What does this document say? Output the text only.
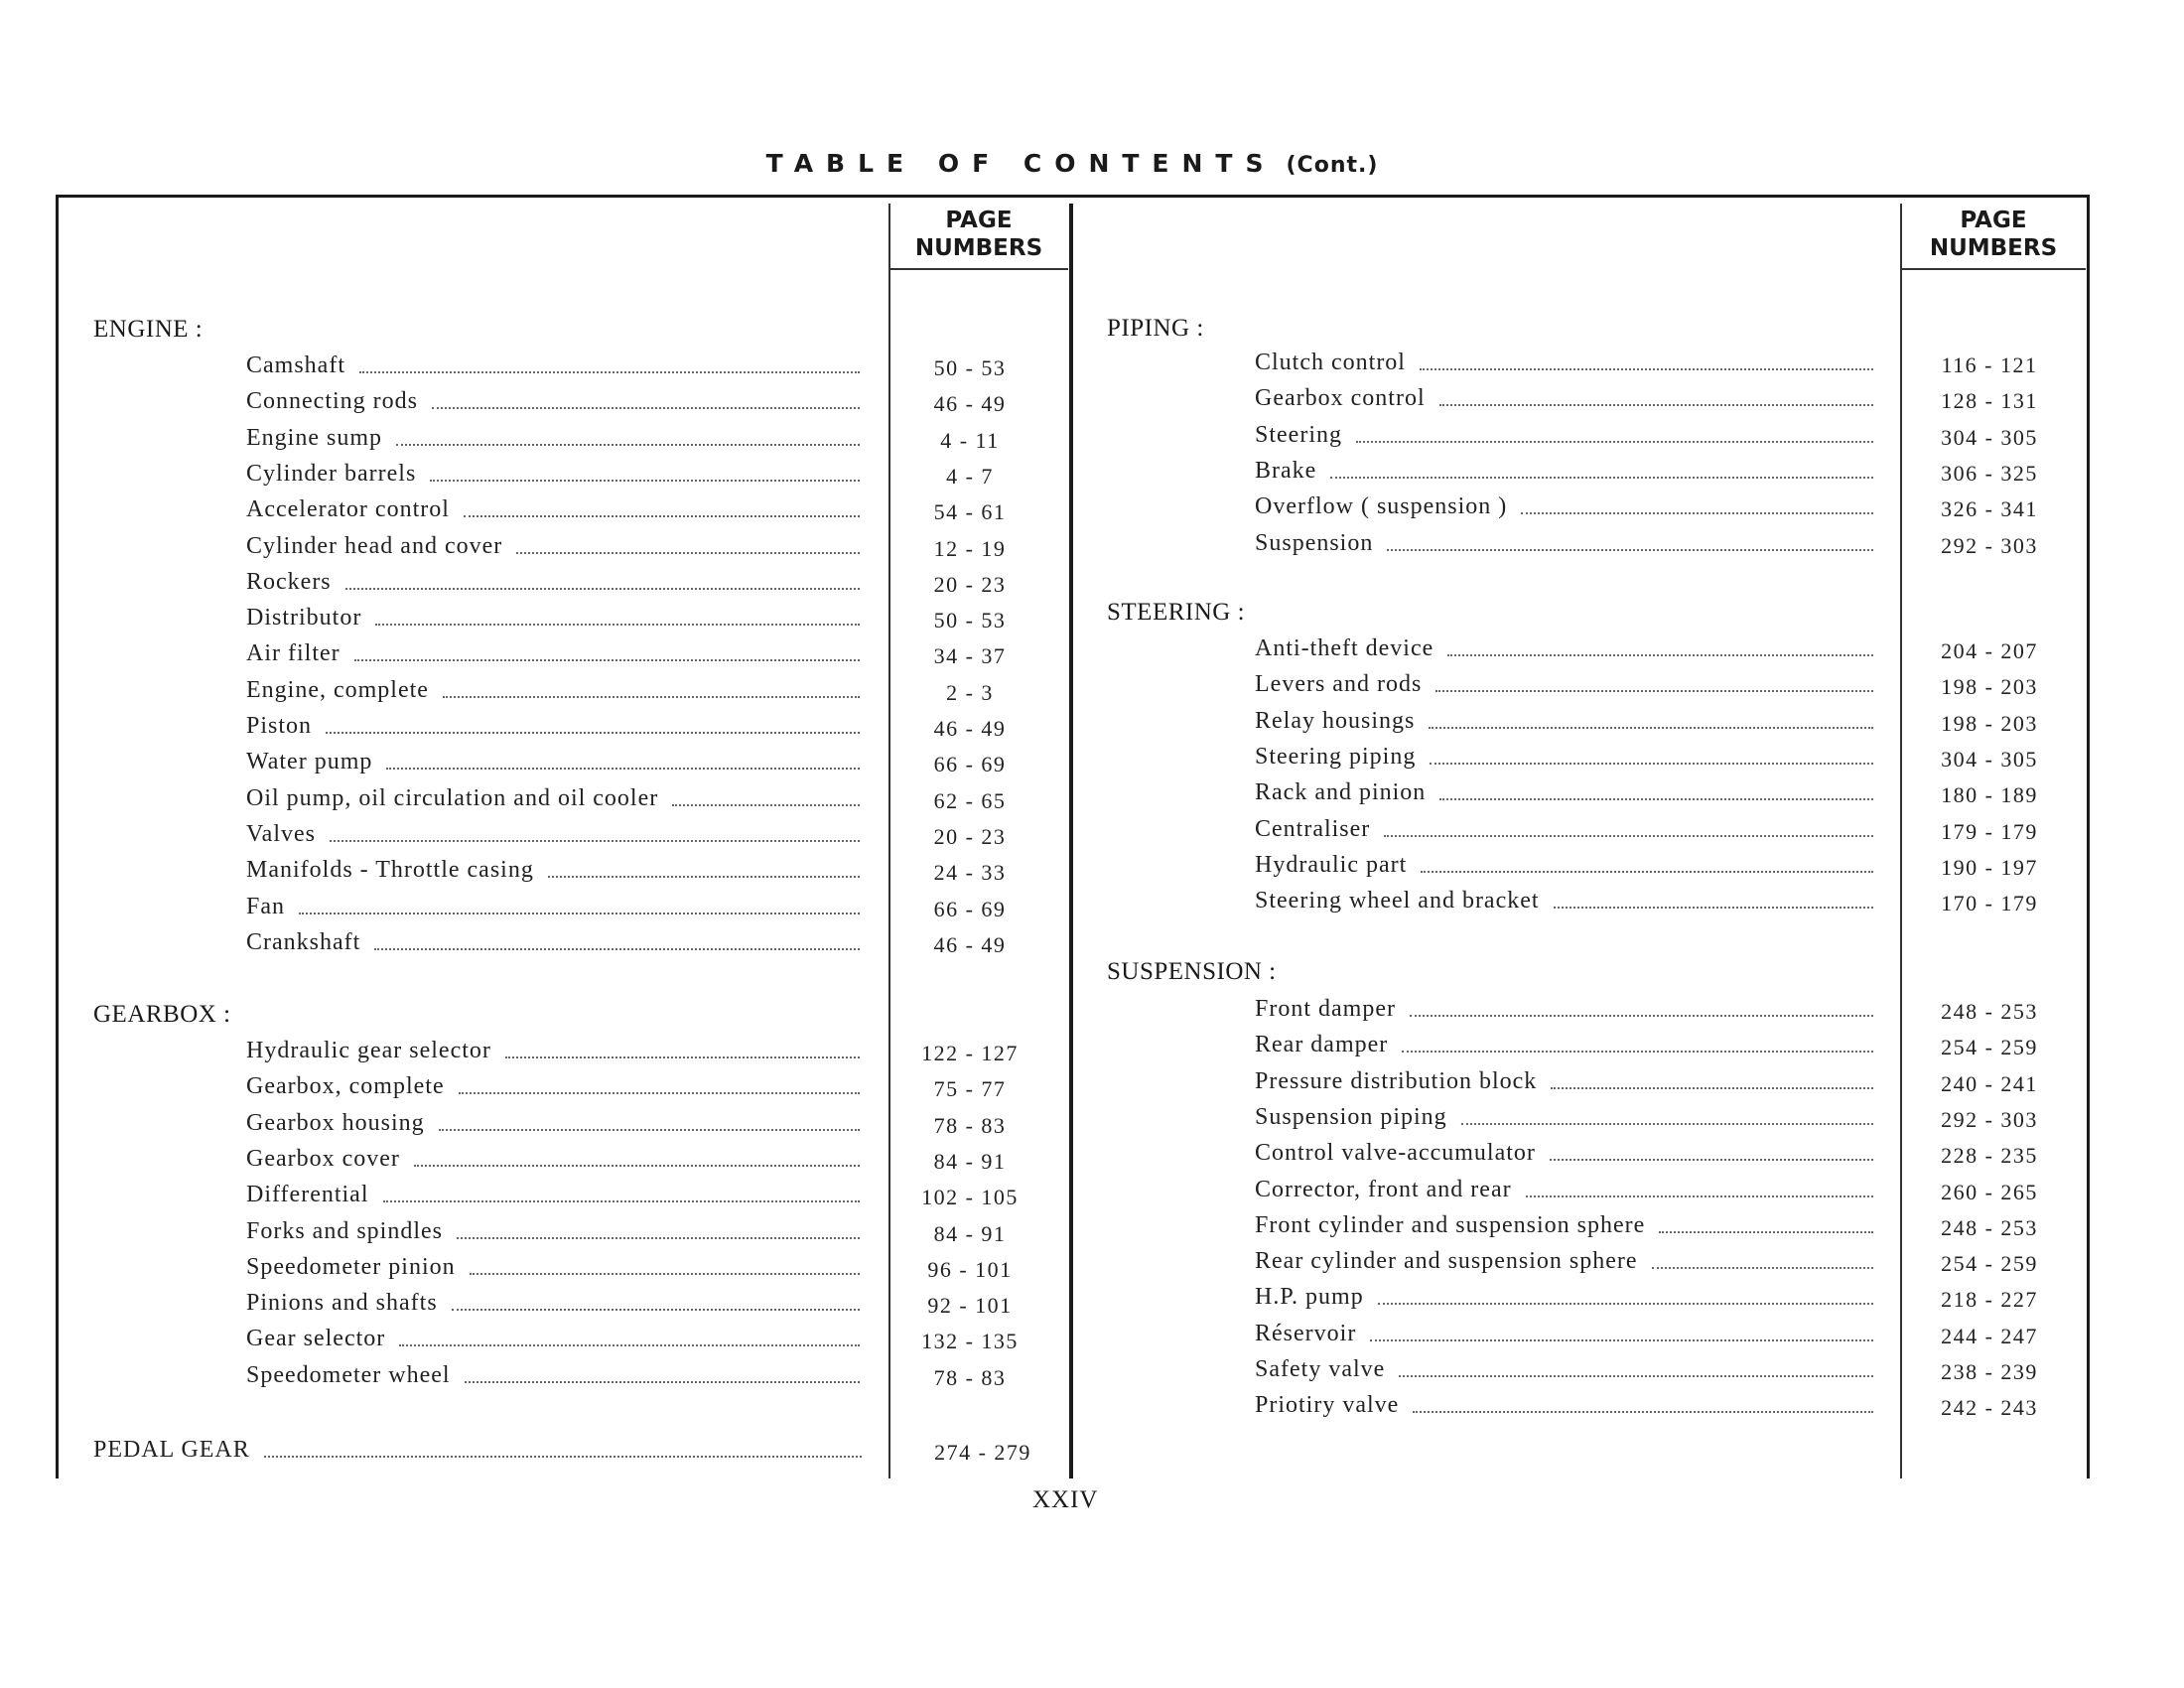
TABLE OF CONTENTS (Cont.)
PAGE
NUMBERS
PAGE
NUMBERS
ENGINE :
Camshaft	50 - 53
Connecting rods	46 - 49
Engine sump	4 - 11
Cylinder barrels	4 - 7
Accelerator control	54 - 61
Cylinder head and cover	12 - 19
Rockers	20 - 23
Distributor	50 - 53
Air filter	34 - 37
Engine, complete	2 - 3
Piston	46 - 49
Water pump	66 - 69
Oil pump, oil circulation and oil cooler	62 - 65
Valves	20 - 23
Manifolds - Throttle casing	24 - 33
Fan	66 - 69
Crankshaft	46 - 49
GEARBOX :
Hydraulic gear selector	122 - 127
Gearbox, complete	75 - 77
Gearbox housing	78 - 83
Gearbox cover	84 - 91
Differential	102 - 105
Forks and spindles	84 - 91
Speedometer pinion	96 - 101
Pinions and shafts	92 - 101
Gear selector	132 - 135
Speedometer wheel	78 - 83
PEDAL GEAR	274 - 279
PIPING :
Clutch control	116 - 121
Gearbox control	128 - 131
Steering	304 - 305
Brake	306 - 325
Overflow ( suspension )	326 - 341
Suspension	292 - 303
STEERING :
Anti-theft device	204 - 207
Levers and rods	198 - 203
Relay housings	198 - 203
Steering piping	304 - 305
Rack and pinion	180 - 189
Centraliser	179 - 179
Hydraulic part	190 - 197
Steering wheel and bracket	170 - 179
SUSPENSION :
Front damper	248 - 253
Rear damper	254 - 259
Pressure distribution block	240 - 241
Suspension piping	292 - 303
Control valve-accumulator	228 - 235
Corrector, front and rear	260 - 265
Front cylinder and suspension sphere	248 - 253
Rear cylinder and suspension sphere	254 - 259
H.P. pump	218 - 227
Réservoir	244 - 247
Safety valve	238 - 239
Priotiry valve	242 - 243
XXIV
